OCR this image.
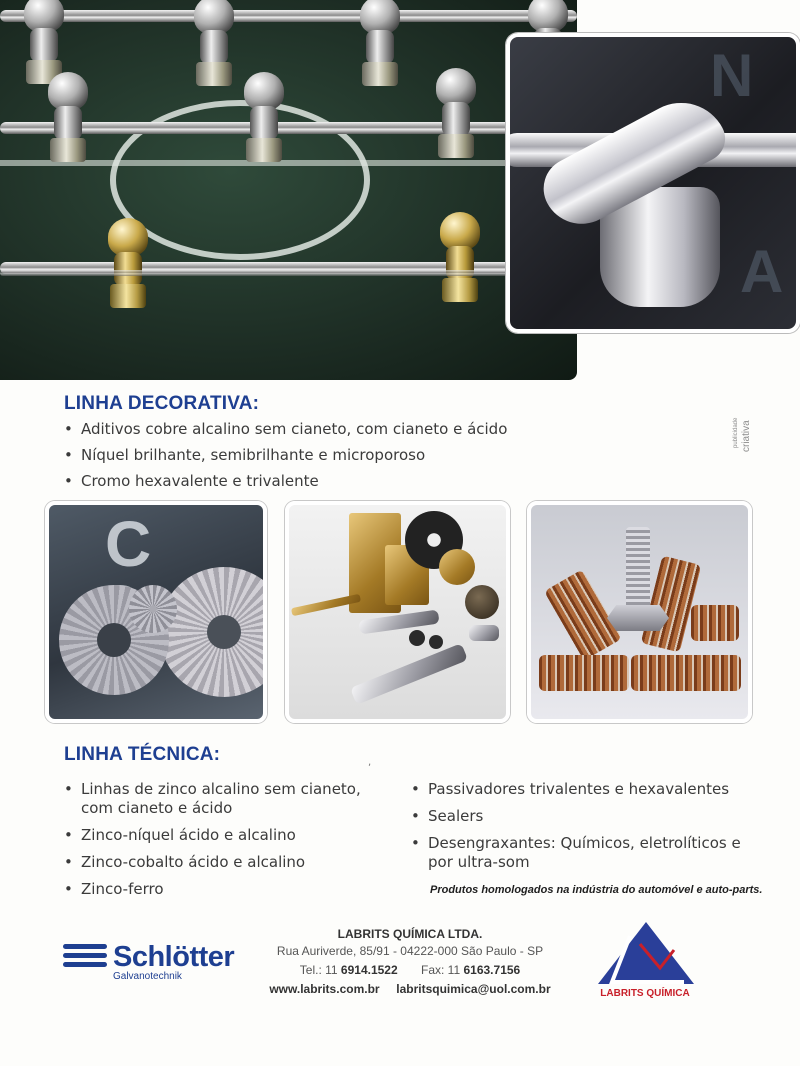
N
A
LINHA DECORATIVA:
• Aditivos cobre alcalino sem cianeto, com cianeto e ácido
• Níquel brilhante, semibrilhante e microporoso
• Cromo hexavalente e trivalente
publicidade criativa
C
LINHA TÉCNICA:	,
• Linhas de zinco alcalino sem cianeto,
com cianeto e ácido
• Zinco-níquel ácido e alcalino
• Zinco-cobalto ácido e alcalino
• Zinco-ferro
• Passivadores trivalentes e hexavalentes
• Sealers
• Desengraxantes: Químicos, eletrolíticos e
por ultra-som

Produtos homologados na indústria do automóvel e auto-parts.

Schlötter
Galvanotechnik
LABRITS QUÍMICA LTDA.
Rua Auriverde, 85/91 - 04222-000 São Paulo - SP
Tel.: 11 6914.1522 Fax: 11 6163.7156
www.labrits.com.br labritsquimica@uol.com.br	LABRITS QUÍMICA
